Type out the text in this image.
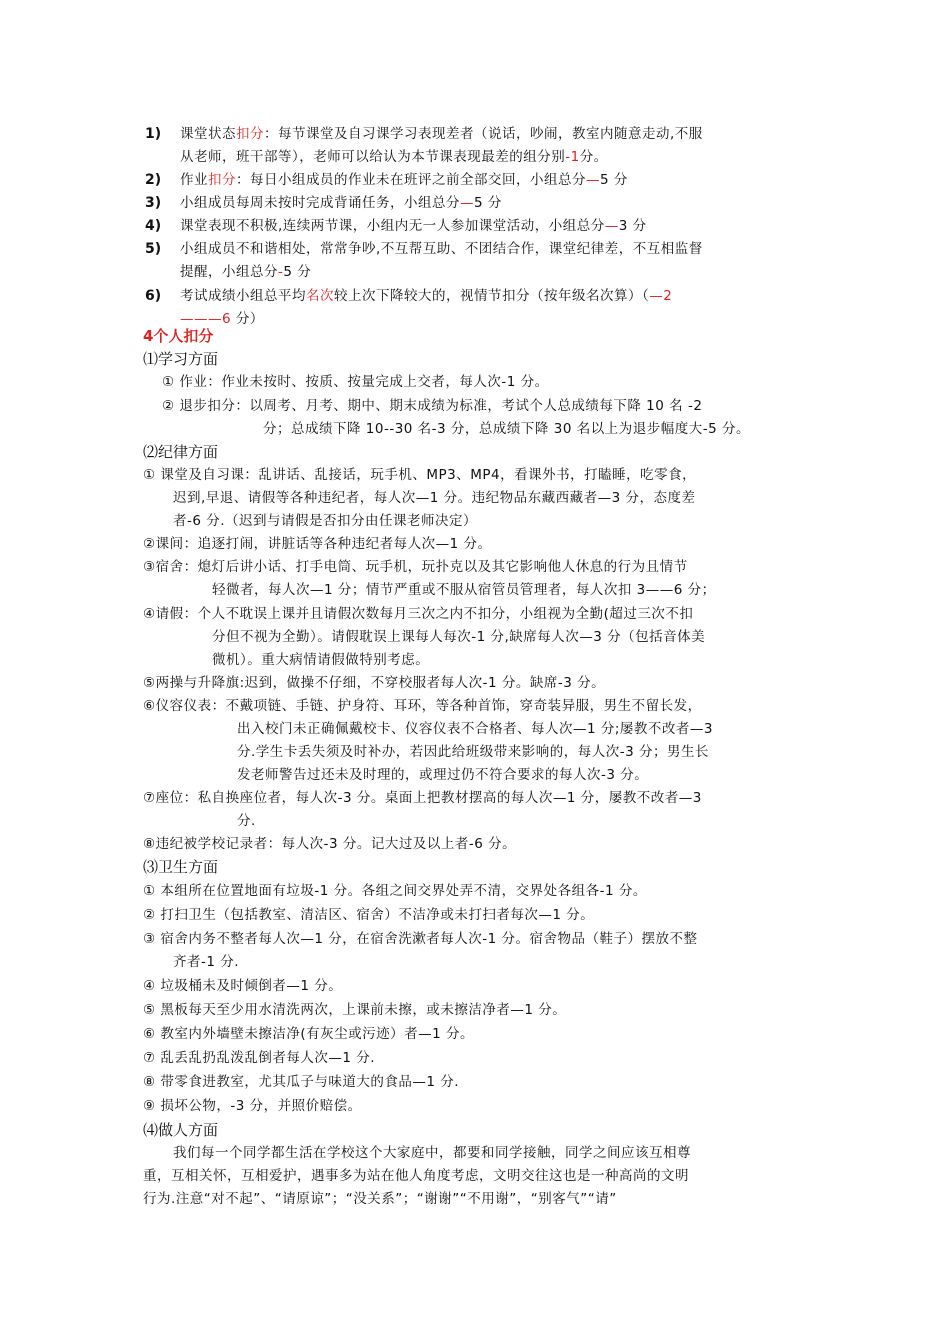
1) 课堂状态扣分：每节课堂及自习课学习表现差者（说话，吵闹，教室内随意走动,不服
从老师，班干部等），老师可以给认为本节课表现最差的组分别-1分。
2) 作业扣分：每日小组成员的作业未在班评之前全部交回，小组总分—5 分
3) 小组成员每周未按时完成背诵任务，小组总分—5 分
4) 课堂表现不积极,连续两节课，小组内无一人参加课堂活动，小组总分—3 分
5) 小组成员不和谐相处，常常争吵,不互帮互助、不团结合作，课堂纪律差，不互相监督
提醒，小组总分-5 分
6) 考试成绩小组总平均名次较上次下降较大的，视情节扣分（按年级名次算）（—2
———6 分）
4个人扣分
⑴学习方面
① 作业：作业未按时、按质、按量完成上交者，每人次-1 分。
② 退步扣分：以周考、月考、期中、期末成绩为标准，考试个人总成绩每下降 10 名 -2
分；总成绩下降 10--30 名-3 分，总成绩下降 30 名以上为退步幅度大-5 分。
⑵纪律方面
① 课堂及自习课：乱讲话、乱接话，玩手机、MP3、MP4，看课外书，打瞌睡，吃零食，
迟到,早退、请假等各种违纪者，每人次—1 分。违纪物品东藏西藏者—3 分，态度差
者-6 分.（迟到与请假是否扣分由任课老师决定）
②课间：追逐打闹，讲脏话等各种违纪者每人次—1 分。
③宿舍：熄灯后讲小话、打手电筒、玩手机，玩扑克以及其它影响他人休息的行为且情节
轻微者，每人次—1 分；情节严重或不服从宿管员管理者，每人次扣 3——6 分；
④请假：个人不耽误上课并且请假次数每月三次之内不扣分，小组视为全勤(超过三次不扣
分但不视为全勤）。请假耽误上课每人每次-1 分,缺席每人次—3 分（包括音体美
微机）。重大病情请假做特别考虑。
⑤两操与升降旗:迟到，做操不仔细，不穿校服者每人次-1 分。缺席-3 分。
⑥仪容仪表：不戴项链、手链、护身符、耳环，等各种首饰，穿奇装异服，男生不留长发，
出入校门未正确佩戴校卡、仪容仪表不合格者、每人次—1 分;屡教不改者—3
分.学生卡丢失须及时补办，若因此给班级带来影响的，每人次-3 分；男生长
发老师警告过还未及时理的，或理过仍不符合要求的每人次-3 分。
⑦座位：私自换座位者，每人次-3 分。桌面上把教材摆高的每人次—1 分，屡教不改者—3
分.
⑧违纪被学校记录者：每人次-3 分。记大过及以上者-6 分。
⑶卫生方面
① 本组所在位置地面有垃圾-1 分。各组之间交界处弄不清，交界处各组各-1 分。
② 打扫卫生（包括教室、清洁区、宿舍）不洁净或未打扫者每次—1 分。
③ 宿舍内务不整者每人次—1 分，在宿舍洗漱者每人次-1 分。宿舍物品（鞋子）摆放不整
齐者-1 分.
④ 垃圾桶未及时倾倒者—1 分。
⑤ 黑板每天至少用水清洗两次，上课前未擦，或未擦洁净者—1 分。
⑥ 教室内外墙壁未擦洁净(有灰尘或污迹）者—1 分。
⑦ 乱丢乱扔乱泼乱倒者每人次—1 分.
⑧ 带零食进教室，尤其瓜子与味道大的食品—1 分.
⑨ 损坏公物，-3 分，并照价赔偿。
⑷做人方面
我们每一个同学都生活在学校这个大家庭中，都要和同学接触，同学之间应该互相尊
重，互相关怀，互相爱护，遇事多为站在他人角度考虑，文明交往这也是一种高尚的文明
行为.注意“对不起”、“请原谅”；“没关系”；“谢谢”“不用谢”，“别客气”“请”
